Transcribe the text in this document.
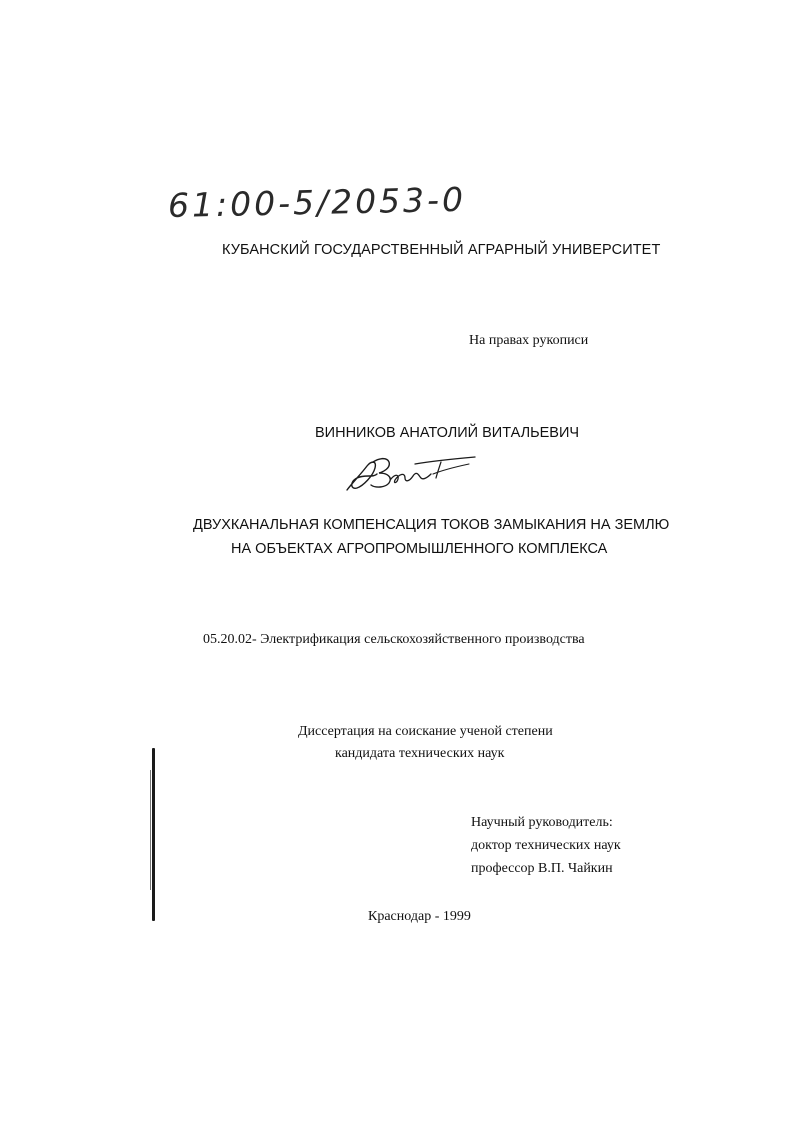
61:00-5/2053-0
КУБАНСКИЙ ГОСУДАРСТВЕННЫЙ АГРАРНЫЙ УНИВЕРСИТЕТ
На правах рукописи
ВИННИКОВ АНАТОЛИЙ ВИТАЛЬЕВИЧ
ДВУХКАНАЛЬНАЯ КОМПЕНСАЦИЯ ТОКОВ ЗАМЫКАНИЯ НА ЗЕМЛЮ
НА ОБЪЕКТАХ АГРОПРОМЫШЛЕННОГО КОМПЛЕКСА
05.20.02- Электрификация сельскохозяйственного производства
Диссертация на соискание ученой степени
кандидата технических наук
Научный руководитель:
доктор технических наук
профессор В.П. Чайкин
Краснодар - 1999
